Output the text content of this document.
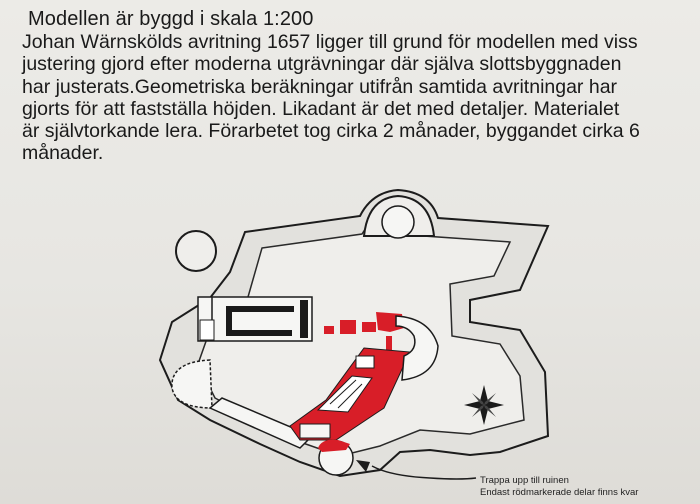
Modellen är byggd i skala 1:200
Johan Wärnskölds avritning 1657 ligger till grund för modellen med viss
justering gjord efter moderna utgrävningar där själva slottsbyggnaden
har justerats.Geometriska beräkningar utifrån samtida avritningar har
gjorts för att fastställa höjden. Likadant är det med detaljer. Materialet
är självtorkande lera. Förarbetet tog cirka 2 månader, byggandet cirka 6
månader.
Trappa upp till ruinen
Endast rödmarkerade delar finns kvar
